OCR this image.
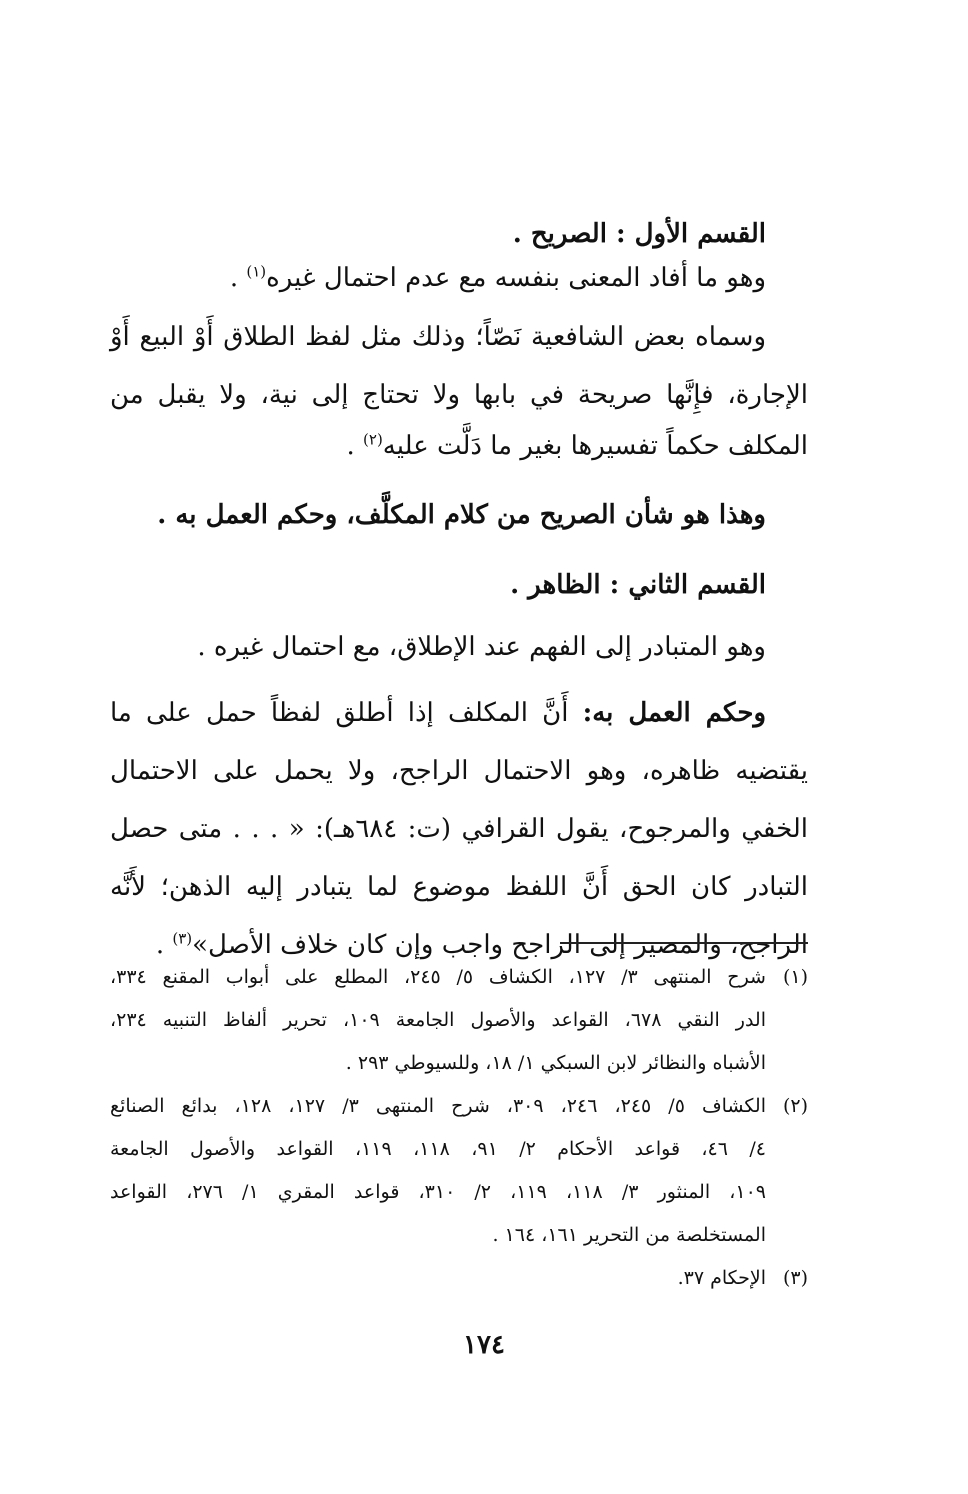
القسم الأول : الصريح .
وهو ما أفاد المعنى بنفسه مع عدم احتمال غيره$^{(١)}$ .
وسماه بعض الشافعية نَصّاً؛ وذلك مثل لفظ الطلاق أَوْ البيع أَوْ
الإجارة، فإِنَّها صريحة في بابها ولا تحتاج إلى نية، ولا يقبل من
المكلف حكماً تفسيرها بغير ما دَلَّت عليه$^{(٢)}$ .
وهذا هو شأن الصريح من كلام المكلَّف، وحكم العمل به .
القسم الثاني : الظاهر .
وهو المتبادر إلى الفهم عند الإطلاق، مع احتمال غيره .
وحكم العمل به: أَنَّ المكلف إذا أطلق لفظاً حمل على ما
يقتضيه ظاهره، وهو الاحتمال الراجح، ولا يحمل على الاحتمال
الخفي والمرجوح، يقول القرافي (ت: ٦٨٤هـ): « . . . متى حصل
التبادر كان الحق أَنَّ اللفظ موضوع لما يتبادر إليه الذهن؛ لأَنَّه
الراجح، والمصير إلى الراجح واجب وإن كان خلاف الأصل»$^{(٣)}$ .
(١)
شرح المنتهى ٣/ ١٢٧، الكشاف ٥/ ٢٤٥، المطلع على أبواب المقنع ٣٣٤،
الدر النقي ٦٧٨، القواعد والأصول الجامعة ١٠٩، تحرير ألفاظ التنبيه ٢٣٤،
الأشباه والنظائر لابن السبكي ١/ ١٨، وللسيوطي ٢٩٣ .
(٢)
الكشاف ٥/ ٢٤٥، ٢٤٦، ٣٠٩، شرح المنتهى ٣/ ١٢٧، ١٢٨، بدائع الصنائع
٤/ ٤٦، قواعد الأحكام ٢/ ٩١، ١١٨، ١١٩، القواعد والأصول الجامعة
١٠٩، المنثور ٣/ ١١٨، ١١٩، ٢/ ٣١٠، قواعد المقري ١/ ٢٧٦، القواعد
المستخلصة من التحرير ١٦١، ١٦٤ .
(٣)
الإحكام ٣٧.
١٧٤
